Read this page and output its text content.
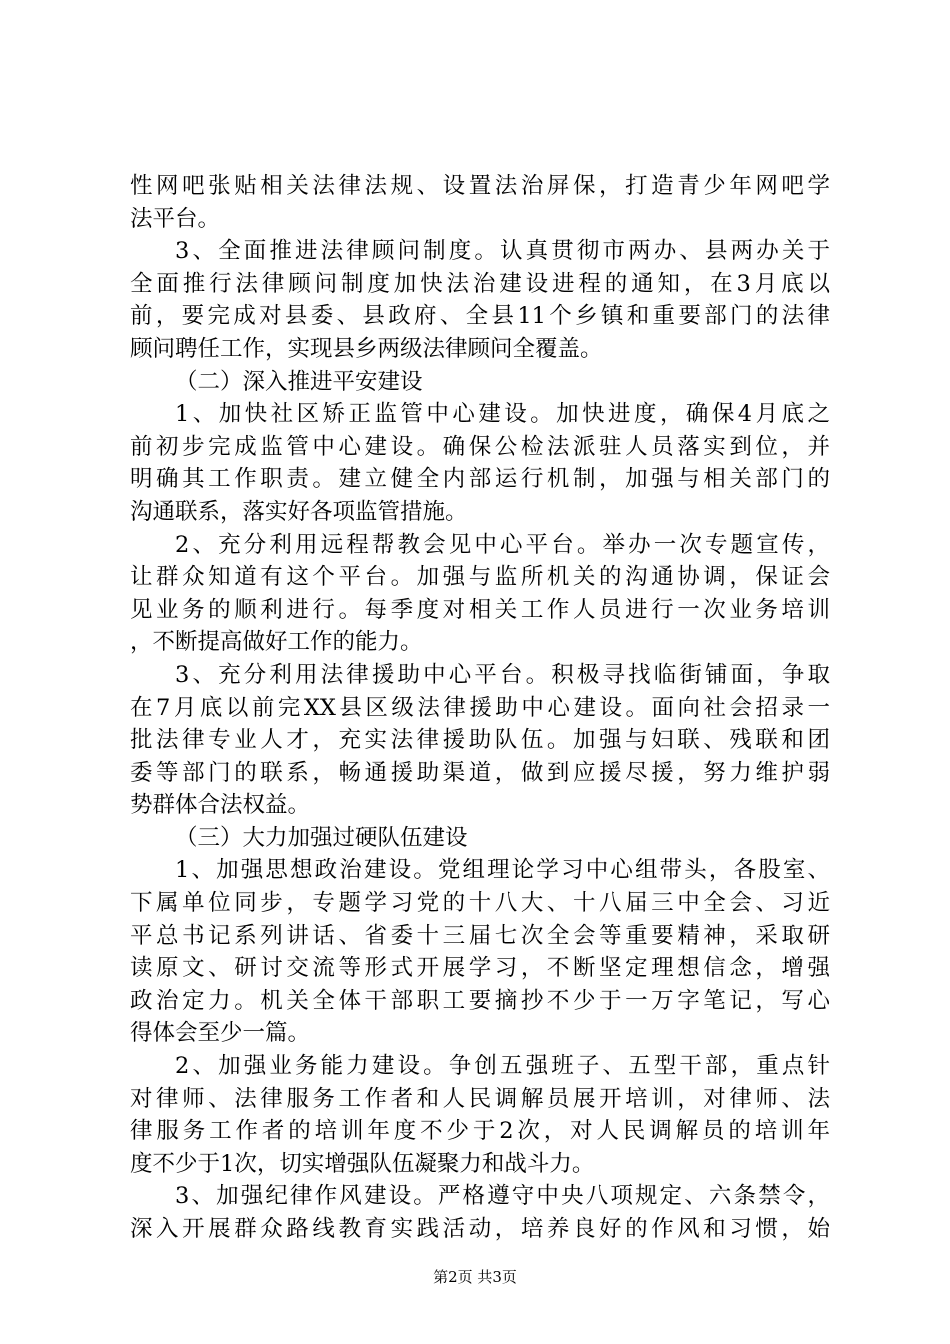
性网吧张贴相关法律法规、设置法治屏保，打造青少年网吧学
法平台。
3、全面推进法律顾问制度。认真贯彻市两办、县两办关于
全面推行法律顾问制度加快法治建设进程的通知，在3月底以
前，要完成对县委、县政府、全县11个乡镇和重要部门的法律
顾问聘任工作，实现县乡两级法律顾问全覆盖。
（二）深入推进平安建设
1、加快社区矫正监管中心建设。加快进度，确保4月底之
前初步完成监管中心建设。确保公检法派驻人员落实到位，并
明确其工作职责。建立健全内部运行机制，加强与相关部门的
沟通联系，落实好各项监管措施。
2、充分利用远程帮教会见中心平台。举办一次专题宣传，
让群众知道有这个平台。加强与监所机关的沟通协调，保证会
见业务的顺利进行。每季度对相关工作人员进行一次业务培训
，不断提高做好工作的能力。
3、充分利用法律援助中心平台。积极寻找临街铺面，争取
在7月底以前完XX县区级法律援助中心建设。面向社会招录一
批法律专业人才，充实法律援助队伍。加强与妇联、残联和团
委等部门的联系，畅通援助渠道，做到应援尽援，努力维护弱
势群体合法权益。
（三）大力加强过硬队伍建设
1、加强思想政治建设。党组理论学习中心组带头，各股室、
下属单位同步，专题学习党的十八大、十八届三中全会、习近
平总书记系列讲话、省委十三届七次全会等重要精神，采取研
读原文、研讨交流等形式开展学习，不断坚定理想信念，增强
政治定力。机关全体干部职工要摘抄不少于一万字笔记，写心
得体会至少一篇。
2、加强业务能力建设。争创五强班子、五型干部，重点针
对律师、法律服务工作者和人民调解员展开培训，对律师、法
律服务工作者的培训年度不少于2次，对人民调解员的培训年
度不少于1次，切实增强队伍凝聚力和战斗力。
3、加强纪律作风建设。严格遵守中央八项规定、六条禁令，
深入开展群众路线教育实践活动，培养良好的作风和习惯，始
第2页 共3页
